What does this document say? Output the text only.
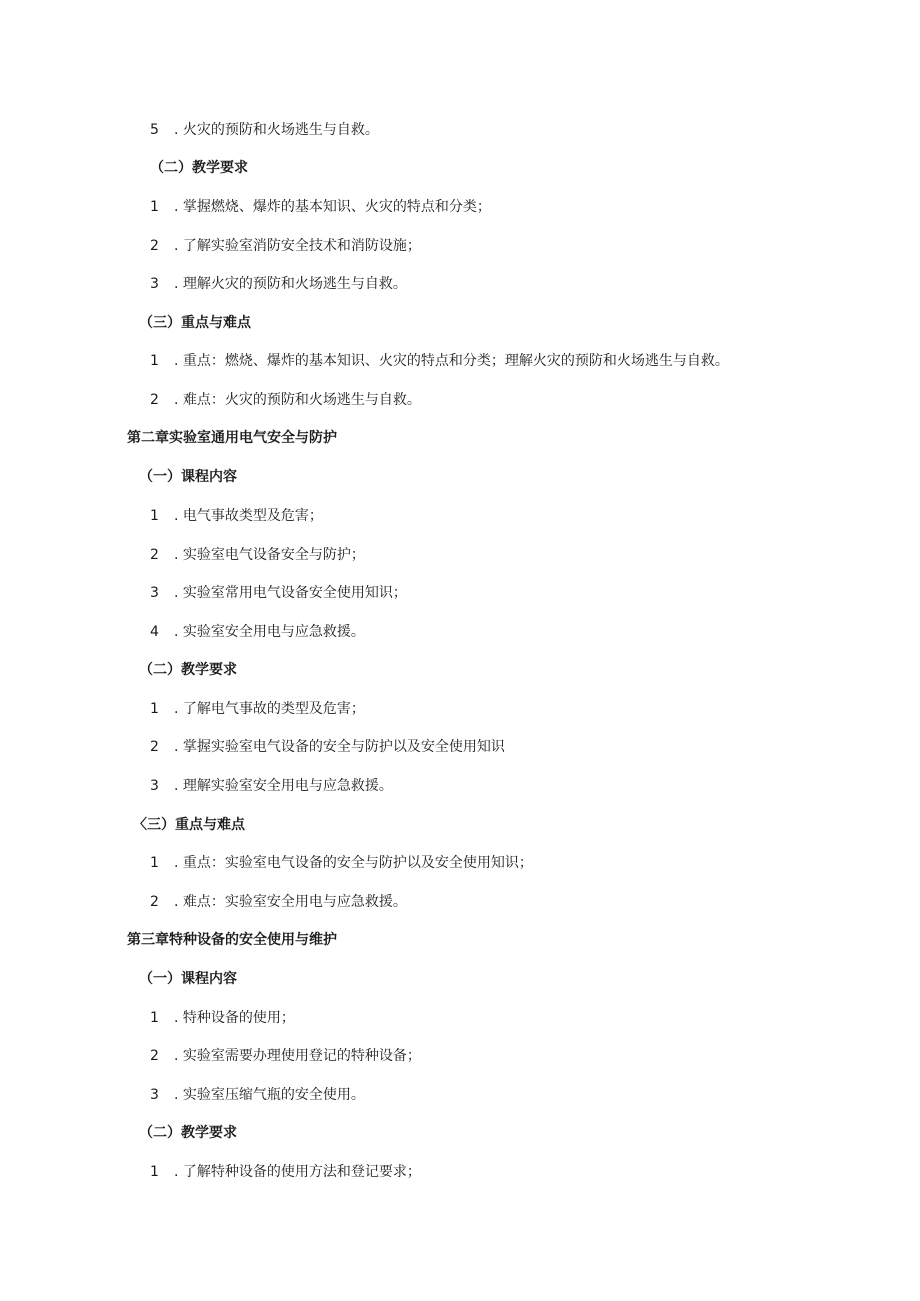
5 . 火灾的预防和火场逃生与自救。
（二）教学要求
1 . 掌握燃烧、爆炸的基本知识、火灾的特点和分类；
2 . 了解实验室消防安全技术和消防设施；
3 . 理解火灾的预防和火场逃生与自救。
（三）重点与难点
1 . 重点：燃烧、爆炸的基本知识、火灾的特点和分类；理解火灾的预防和火场逃生与自救。
2 . 难点：火灾的预防和火场逃生与自救。
第二章实验室通用电气安全与防护
（一）课程内容
1 . 电气事故类型及危害；
2 . 实验室电气设备安全与防护；
3 . 实验室常用电气设备安全使用知识；
4 . 实验室安全用电与应急救援。
（二）教学要求
1 . 了解电气事故的类型及危害；
2 . 掌握实验室电气设备的安全与防护以及安全使用知识
3 . 理解实验室安全用电与应急救援。
〈三）重点与难点
1 . 重点：实验室电气设备的安全与防护以及安全使用知识；
2 . 难点：实验室安全用电与应急救援。
第三章特种设备的安全使用与维护
（一）课程内容
1 . 特种设备的使用；
2 . 实验室需要办理使用登记的特种设备；
3 . 实验室压缩气瓶的安全使用。
（二）教学要求
1 . 了解特种设备的使用方法和登记要求；
